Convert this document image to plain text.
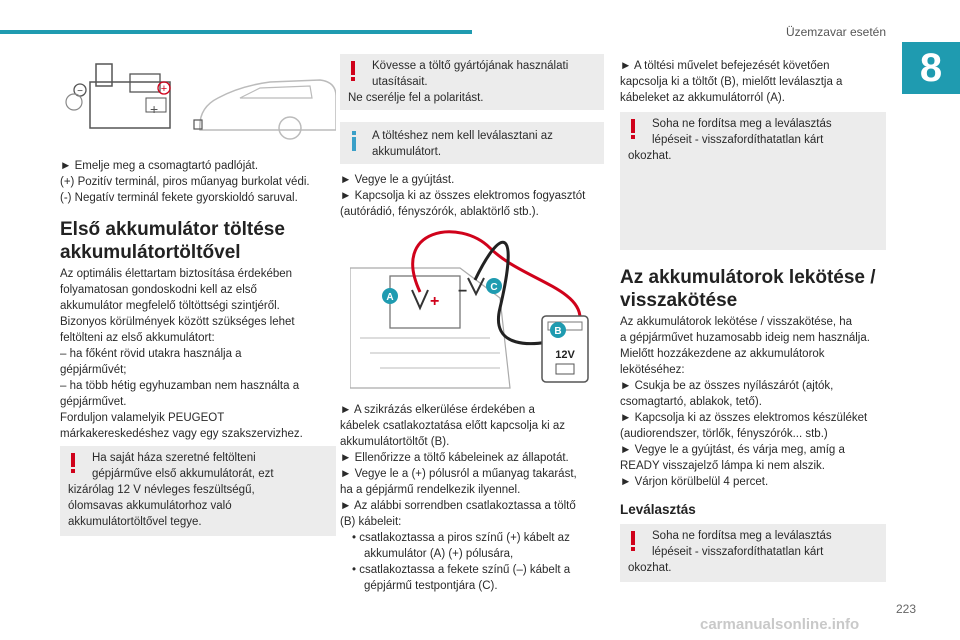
Üzemzavar esetén
8
−	+
+

► Emelje meg a csomagtartó padlóját.

(+) Pozitív terminál, piros műanyag burkolat védi.

(-) Negatív terminál fekete gyorskioldó saruval.

Első akkumulátor töltése akkumulátortöltővel

Az optimális élettartam biztosítása érdekében

folyamatosan gondoskodni kell az első

akkumulátor megfelelő töltöttségi szintjéről.

Bizonyos körülmények között szükséges lehet

feltölteni az első akkumulátort:

– ha főként rövid utakra használja a

gépjárművét;

– ha több hétig egyhuzamban nem használta a

gépjárművet.

Forduljon valamelyik PEUGEOT

márkakereskedéshez vagy egy szakszervizhez.

Ha saját háza szeretné feltölteni

gépjárműve első akkumulátorát, ezt

kizárólag 12 V névleges feszültségű,

ólomsavas akkumulátorhoz való

akkumulátortöltővel tegye.

Kövesse a töltő gyártójának használati

utasításait.

Ne cserélje fel a polaritást.

A töltéshez nem kell leválasztani az

akkumulátort.

► Vegye le a gyújtást.

► Kapcsolja ki az összes elektromos fogyasztót

(autórádió, fényszórók, ablaktörlő stb.).

+
−
12V
A
C
B

► A szikrázás elkerülése érdekében a

kábelek csatlakoztatása előtt kapcsolja ki az

akkumulátortöltőt (B).

► Ellenőrizze a töltő kábeleinek az állapotát.

► Vegye le a (+) pólusról a műanyag takarást,

ha a gépjármű rendelkezik ilyennel.

► Az alábbi sorrendben csatlakoztassa a töltő

(B) kábeleit:

• csatlakoztassa a piros színű (+) kábelt az

akkumulátor (A) (+) pólusára,

• csatlakoztassa a fekete színű (–) kábelt a

gépjármű testpontjára (C).

► A töltési művelet befejezését követően

kapcsolja ki a töltőt (B), mielőtt leválasztja a

kábeleket az akkumulátorról (A).

Soha ne fordítsa meg a leválasztás

lépéseit - visszafordíthatatlan kárt

okozhat.

Az akkumulátorok lekötése / visszakötése

Az akkumulátorok lekötése / visszakötése, ha

a gépjárművet huzamosabb ideig nem használja.

Mielőtt hozzákezdene az akkumulátorok

lekötéséhez:

► Csukja be az összes nyílászárót (ajtók,

csomagtartó, ablakok, tető).

► Kapcsolja ki az összes elektromos készüléket

(audiorendszer, törlők, fényszórók... stb.)

► Vegye le a gyújtást, és várja meg, amíg a

READY visszajelző lámpa ki nem alszik.

► Várjon körülbelül 4 percet.

Leválasztás

Soha ne fordítsa meg a leválasztás

lépéseit - visszafordíthatatlan kárt

okozhat.

223
carmanualsonline.info
